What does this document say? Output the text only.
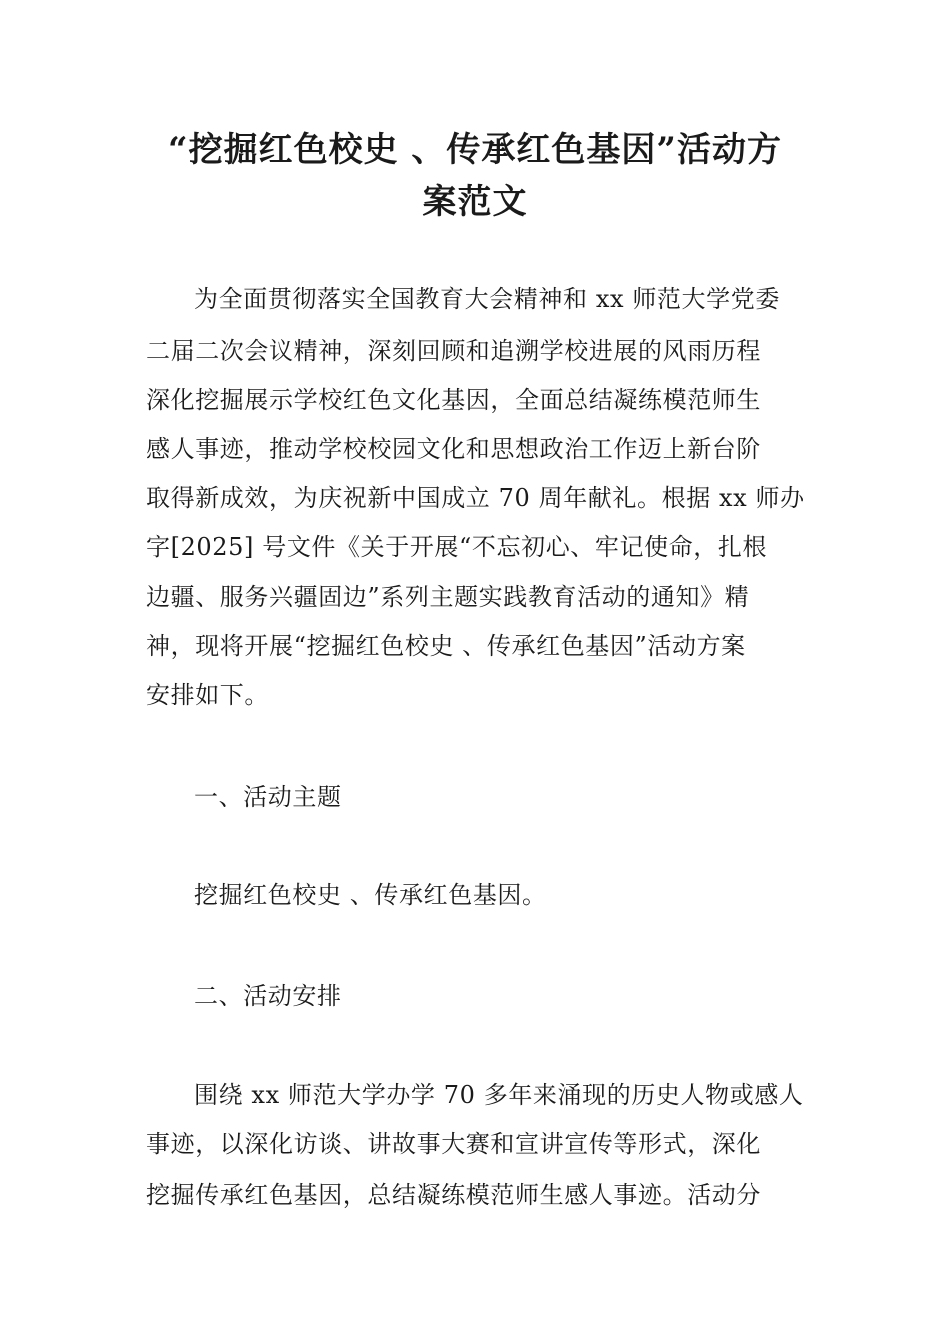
“挖掘红色校史 、传承红色基因”活动方
案范文
为全面贯彻落实全国教育大会精神和 xx 师范大学党委
二届二次会议精神，深刻回顾和追溯学校进展的风雨历程
深化挖掘展示学校红色文化基因，全面总结凝练模范师生
感人事迹，推动学校校园文化和思想政治工作迈上新台阶
取得新成效，为庆祝新中国成立 70 周年献礼。根据 xx 师办
字[2025] 号文件《关于开展“不忘初心、牢记使命，扎根
边疆、服务兴疆固边”系列主题实践教育活动的通知》精
神，现将开展“挖掘红色校史 、传承红色基因”活动方案
安排如下。
一、活动主题
挖掘红色校史 、传承红色基因。
二、活动安排
围绕 xx 师范大学办学 70 多年来涌现的历史人物或感人
事迹，以深化访谈、讲故事大赛和宣讲宣传等形式，深化
挖掘传承红色基因，总结凝练模范师生感人事迹。活动分
